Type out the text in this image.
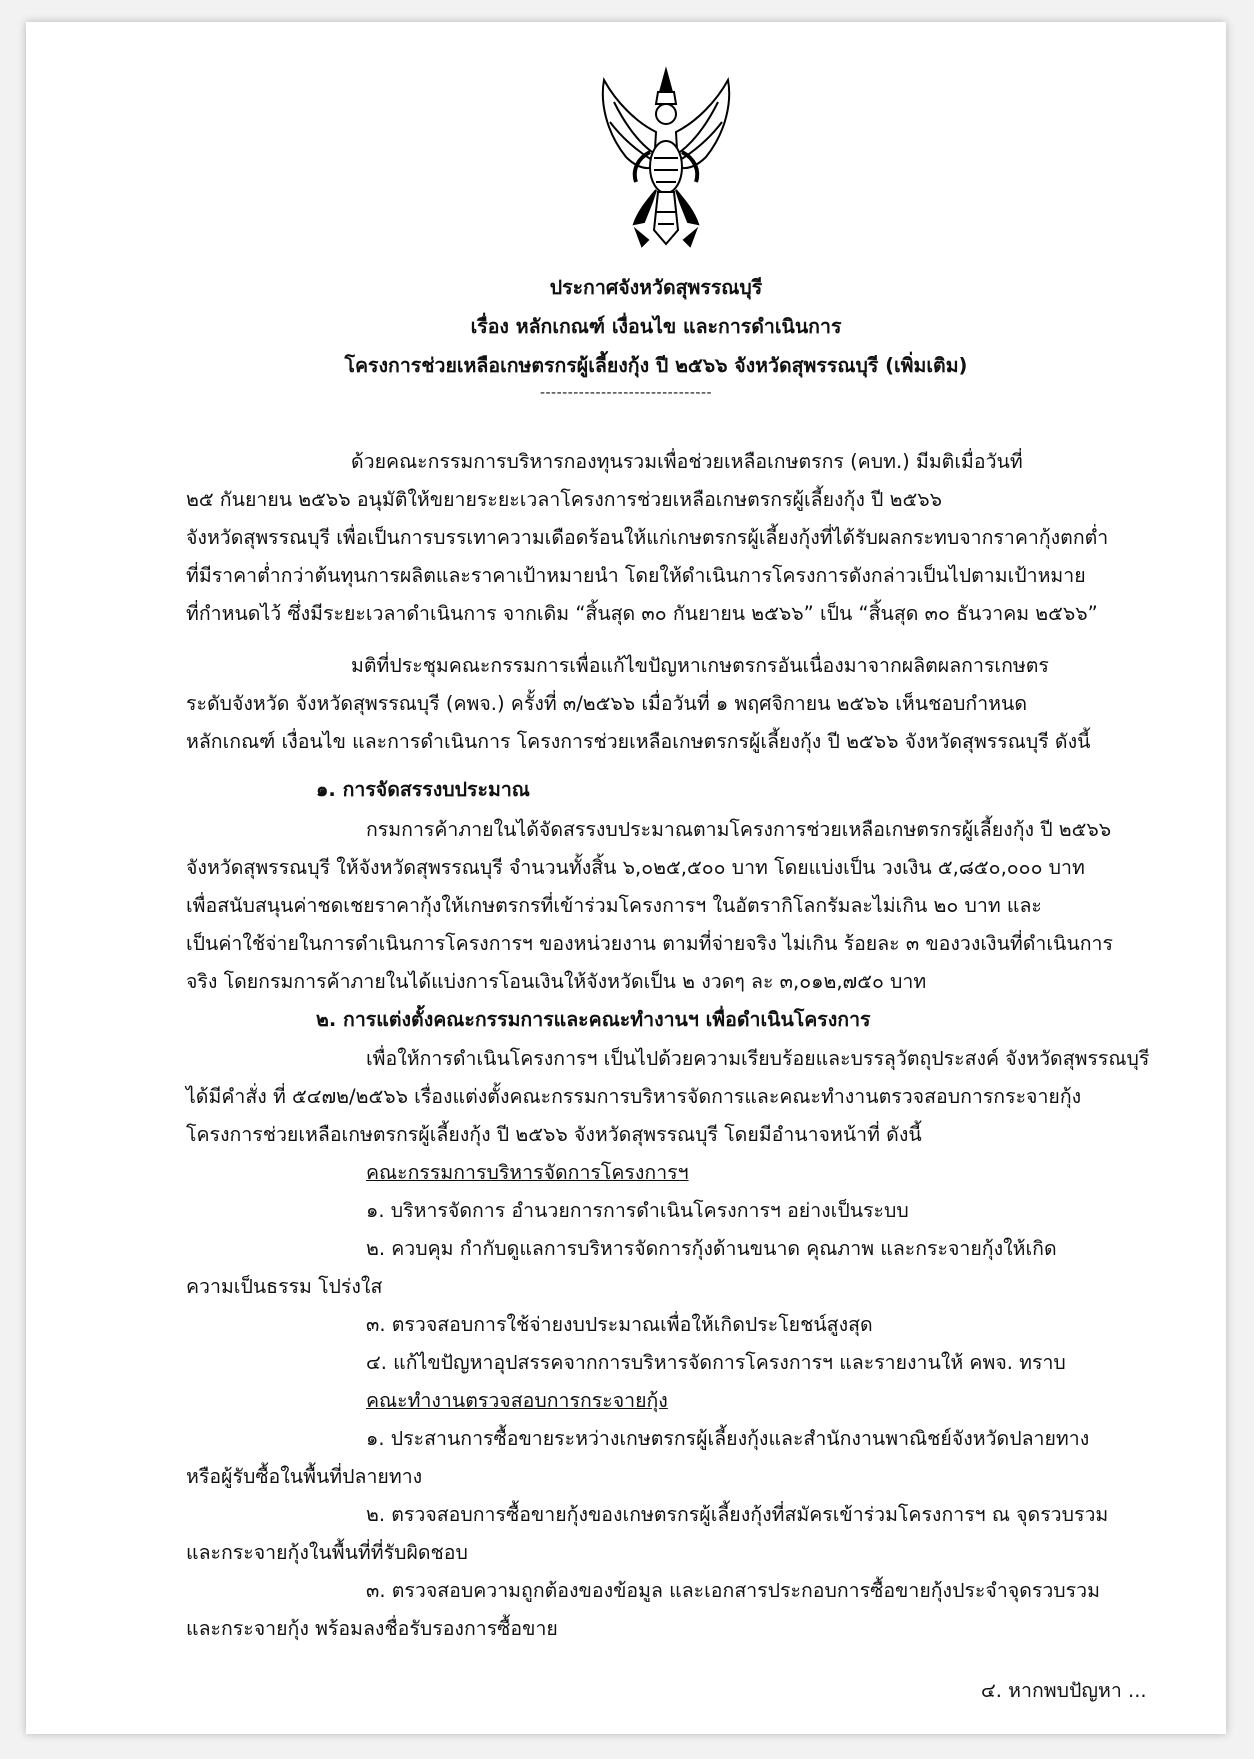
ประกาศจังหวัดสุพรรณบุรี
เรื่อง หลักเกณฑ์ เงื่อนไข และการดำเนินการ
โครงการช่วยเหลือเกษตรกรผู้เลี้ยงกุ้ง ปี ๒๕๖๖ จังหวัดสุพรรณบุรี (เพิ่มเติม)
-------------------------------
ด้วยคณะกรรมการบริหารกองทุนรวมเพื่อช่วยเหลือเกษตรกร (คบท.) มีมติเมื่อวันที่
๒๕ กันยายน ๒๕๖๖ อนุมัติให้ขยายระยะเวลาโครงการช่วยเหลือเกษตรกรผู้เลี้ยงกุ้ง ปี ๒๕๖๖
จังหวัดสุพรรณบุรี เพื่อเป็นการบรรเทาความเดือดร้อนให้แก่เกษตรกรผู้เลี้ยงกุ้งที่ได้รับผลกระทบจากราคากุ้งตกต่ำ
ที่มีราคาต่ำกว่าต้นทุนการผลิตและราคาเป้าหมายนำ โดยให้ดำเนินการโครงการดังกล่าวเป็นไปตามเป้าหมาย
ที่กำหนดไว้ ซึ่งมีระยะเวลาดำเนินการ จากเดิม “สิ้นสุด ๓๐ กันยายน ๒๕๖๖” เป็น “สิ้นสุด ๓๐ ธันวาคม ๒๕๖๖”
มติที่ประชุมคณะกรรมการเพื่อแก้ไขปัญหาเกษตรกรอันเนื่องมาจากผลิตผลการเกษตร
ระดับจังหวัด จังหวัดสุพรรณบุรี (คพจ.) ครั้งที่ ๓/๒๕๖๖ เมื่อวันที่ ๑ พฤศจิกายน ๒๕๖๖ เห็นชอบกำหนด
หลักเกณฑ์ เงื่อนไข และการดำเนินการ โครงการช่วยเหลือเกษตรกรผู้เลี้ยงกุ้ง ปี ๒๕๖๖ จังหวัดสุพรรณบุรี ดังนี้
๑. การจัดสรรงบประมาณ
กรมการค้าภายในได้จัดสรรงบประมาณตามโครงการช่วยเหลือเกษตรกรผู้เลี้ยงกุ้ง ปี ๒๕๖๖
จังหวัดสุพรรณบุรี ให้จังหวัดสุพรรณบุรี จำนวนทั้งสิ้น ๖,๐๒๕,๕๐๐ บาท โดยแบ่งเป็น วงเงิน ๕,๘๕๐,๐๐๐ บาท
เพื่อสนับสนุนค่าชดเชยราคากุ้งให้เกษตรกรที่เข้าร่วมโครงการฯ ในอัตรากิโลกรัมละไม่เกิน ๒๐ บาท และ
เป็นค่าใช้จ่ายในการดำเนินการโครงการฯ ของหน่วยงาน ตามที่จ่ายจริง ไม่เกิน ร้อยละ ๓ ของวงเงินที่ดำเนินการ
จริง โดยกรมการค้าภายในได้แบ่งการโอนเงินให้จังหวัดเป็น ๒ งวดๆ ละ ๓,๐๑๒,๗๕๐ บาท
๒. การแต่งตั้งคณะกรรมการและคณะทำงานฯ เพื่อดำเนินโครงการ
เพื่อให้การดำเนินโครงการฯ เป็นไปด้วยความเรียบร้อยและบรรลุวัตถุประสงค์ จังหวัดสุพรรณบุรี
ได้มีคำสั่ง ที่ ๕๔๗๒/๒๕๖๖ เรื่องแต่งตั้งคณะกรรมการบริหารจัดการและคณะทำงานตรวจสอบการกระจายกุ้ง
โครงการช่วยเหลือเกษตรกรผู้เลี้ยงกุ้ง ปี ๒๕๖๖ จังหวัดสุพรรณบุรี โดยมีอำนาจหน้าที่ ดังนี้
คณะกรรมการบริหารจัดการโครงการฯ
๑. บริหารจัดการ อำนวยการการดำเนินโครงการฯ อย่างเป็นระบบ
๒. ควบคุม กำกับดูแลการบริหารจัดการกุ้งด้านขนาด คุณภาพ และกระจายกุ้งให้เกิด
ความเป็นธรรม โปร่งใส
๓. ตรวจสอบการใช้จ่ายงบประมาณเพื่อให้เกิดประโยชน์สูงสุด
๔. แก้ไขปัญหาอุปสรรคจากการบริหารจัดการโครงการฯ และรายงานให้ คพจ. ทราบ
คณะทำงานตรวจสอบการกระจายกุ้ง
๑. ประสานการซื้อขายระหว่างเกษตรกรผู้เลี้ยงกุ้งและสำนักงานพาณิชย์จังหวัดปลายทาง
หรือผู้รับซื้อในพื้นที่ปลายทาง
๒. ตรวจสอบการซื้อขายกุ้งของเกษตรกรผู้เลี้ยงกุ้งที่สมัครเข้าร่วมโครงการฯ ณ จุดรวบรวม
และกระจายกุ้งในพื้นที่ที่รับผิดชอบ
๓. ตรวจสอบความถูกต้องของข้อมูล และเอกสารประกอบการซื้อขายกุ้งประจำจุดรวบรวม
และกระจายกุ้ง พร้อมลงชื่อรับรองการซื้อขาย
๔. หากพบปัญหา ...
